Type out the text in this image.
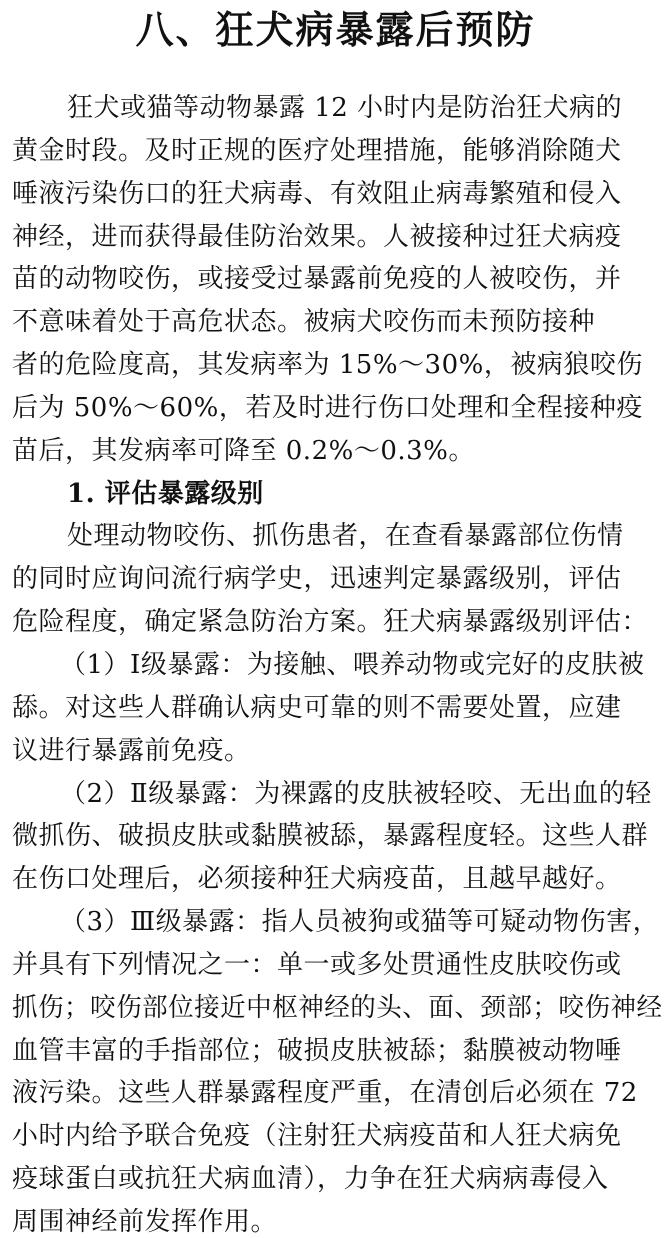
八、狂犬病暴露后预防
狂犬或猫等动物暴露 12 小时内是防治狂犬病的
黄金时段。及时正规的医疗处理措施，能够消除随犬
唾液污染伤口的狂犬病毒、有效阻止病毒繁殖和侵入
神经，进而获得最佳防治效果。人被接种过狂犬病疫
苗的动物咬伤，或接受过暴露前免疫的人被咬伤，并
不意味着处于高危状态。被病犬咬伤而未预防接种
者的危险度高，其发病率为 15%～30%，被病狼咬伤
后为 50%～60%，若及时进行伤口处理和全程接种疫
苗后，其发病率可降至 0.2%～0.3%。
1. 评估暴露级别
处理动物咬伤、抓伤患者，在查看暴露部位伤情
的同时应询问流行病学史，迅速判定暴露级别，评估
危险程度，确定紧急防治方案。狂犬病暴露级别评估：
（1）Ⅰ级暴露：为接触、喂养动物或完好的皮肤被
舔。对这些人群确认病史可靠的则不需要处置，应建
议进行暴露前免疫。
（2）Ⅱ级暴露：为裸露的皮肤被轻咬、无出血的轻
微抓伤、破损皮肤或黏膜被舔，暴露程度轻。这些人群
在伤口处理后，必须接种狂犬病疫苗，且越早越好。
（3）Ⅲ级暴露：指人员被狗或猫等可疑动物伤害，
并具有下列情况之一：单一或多处贯通性皮肤咬伤或
抓伤；咬伤部位接近中枢神经的头、面、颈部；咬伤神经
血管丰富的手指部位；破损皮肤被舔；黏膜被动物唾
液污染。这些人群暴露程度严重，在清创后必须在 72
小时内给予联合免疫（注射狂犬病疫苗和人狂犬病免
疫球蛋白或抗狂犬病血清），力争在狂犬病病毒侵入
周围神经前发挥作用。
